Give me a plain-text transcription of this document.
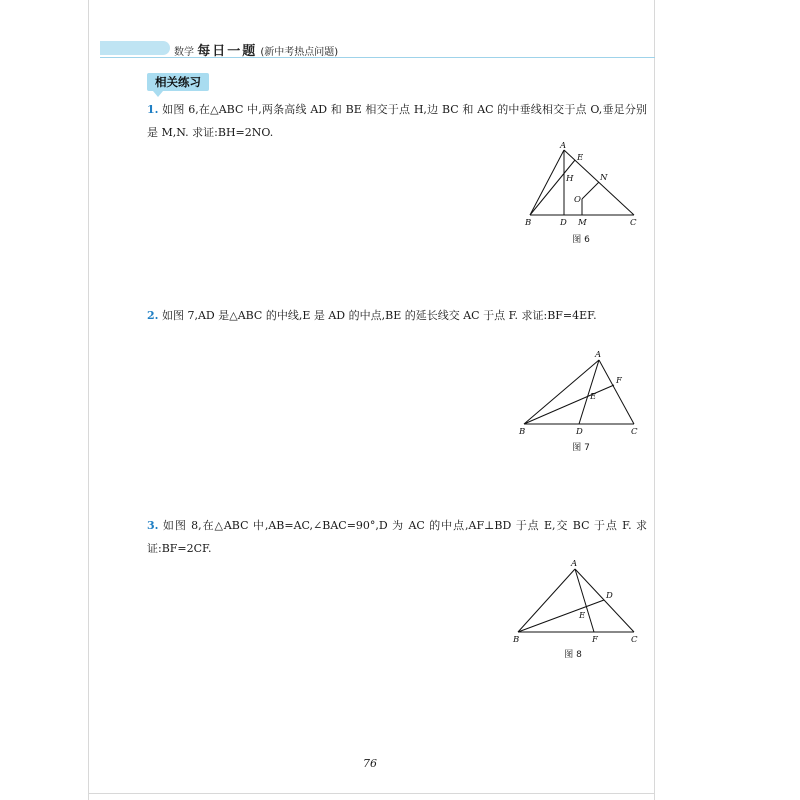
数学 每日一题 (新中考热点问题)
相关练习
1. 如图 6,在△ABC 中,两条高线 AD 和 BE 相交于点 H,边 BC 和 AC 的中垂线相交于点 O,垂足分别是 M,N. 求证:BH=2NO.
A
E
H	N
O
B	D M	C
图 6
2. 如图 7,AD 是△ABC 的中线,E 是 AD 的中点,BE 的延长线交 AC 于点 F. 求证:BF=4EF.
A
F
E
B	D	C
图 7
3. 如图 8,在△ABC 中,AB=AC,∠BAC=90°,D 为 AC 的中点,AF⊥BD 于点 E,交 BC 于点 F. 求证:BF=2CF.
A
D
E
B	F	C
图 8
76
